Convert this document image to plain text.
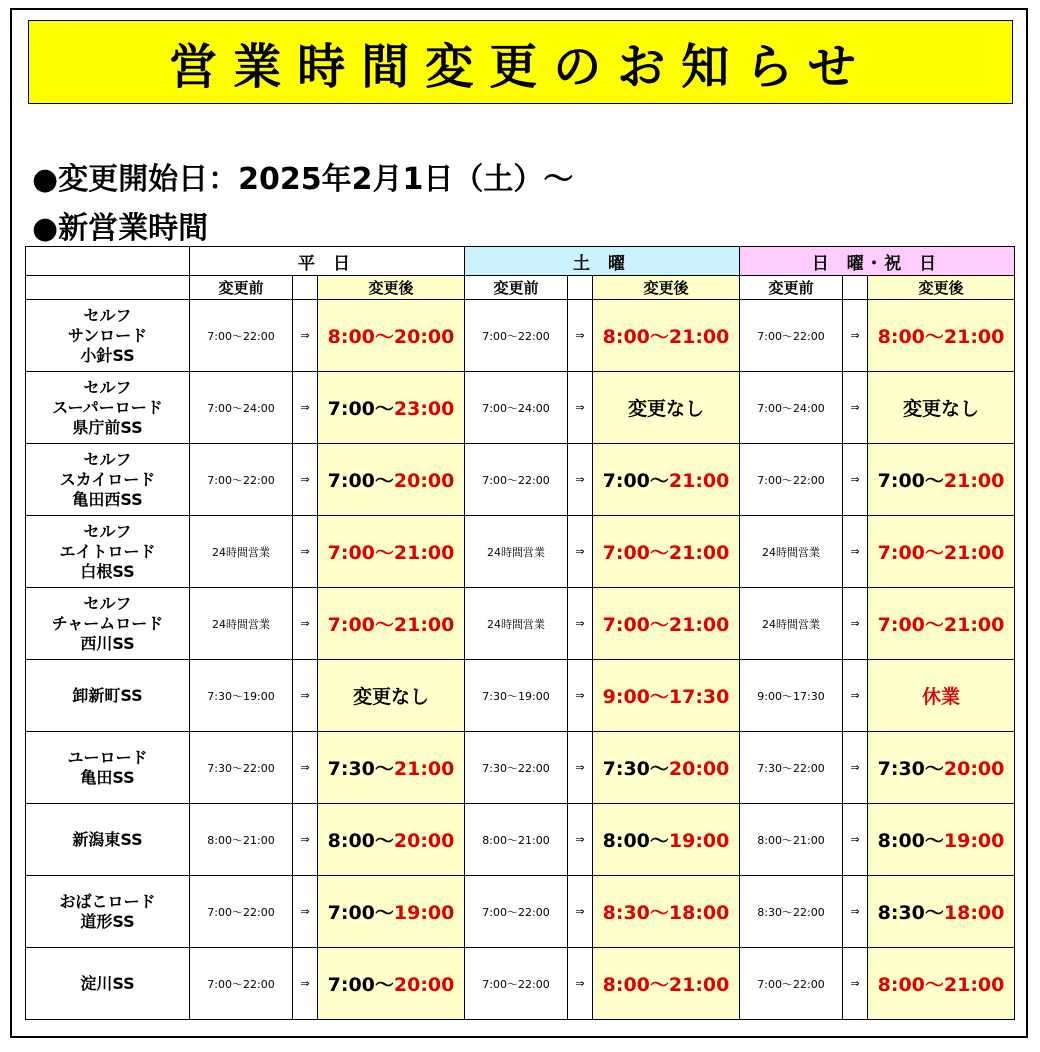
営業時間変更のお知らせ
●変更開始日：2025年2月1日（土）～
●新営業時間
	平 日			土 曜			日 曜･祝 日		
	変更前		変更後	変更前		変更後	変更前		変更後

セルフ
サンロード
小針SS	7:00～22:00	⇒	8:00～20:00	7:00～22:00	⇒	8:00～21:00	7:00～22:00	⇒	8:00～21:00

セルフ
スーパーロード
県庁前SS	7:00～24:00	⇒	7:00～23:00	7:00～24:00	⇒	変更なし	7:00～24:00	⇒	変更なし

セルフ
スカイロード
亀田西SS	7:00～22:00	⇒	7:00～20:00	7:00～22:00	⇒	7:00～21:00	7:00～22:00	⇒	7:00～21:00

セルフ
エイトロード
白根SS	24時間営業	⇒	7:00～21:00	24時間営業	⇒	7:00～21:00	24時間営業	⇒	7:00～21:00

セルフ
チャームロード
西川SS	24時間営業	⇒	7:00～21:00	24時間営業	⇒	7:00～21:00	24時間営業	⇒	7:00～21:00

卸新町SS	7:30～19:00	⇒	変更なし	7:30～19:00	⇒	9:00～17:30	9:00～17:30	⇒	休業

ユーロード
亀田SS	7:30～22:00	⇒	7:30～21:00	7:30～22:00	⇒	7:30～20:00	7:30～22:00	⇒	7:30～20:00

新潟東SS	8:00～21:00	⇒	8:00～20:00	8:00～21:00	⇒	8:00～19:00	8:00～21:00	⇒	8:00～19:00

おばこロード
道形SS	7:00～22:00	⇒	7:00～19:00	7:00～22:00	⇒	8:30～18:00	8:30～22:00	⇒	8:30～18:00

淀川SS	7:00～22:00	⇒	7:00～20:00	7:00～22:00	⇒	8:00～21:00	7:00～22:00	⇒	8:00～21:00
